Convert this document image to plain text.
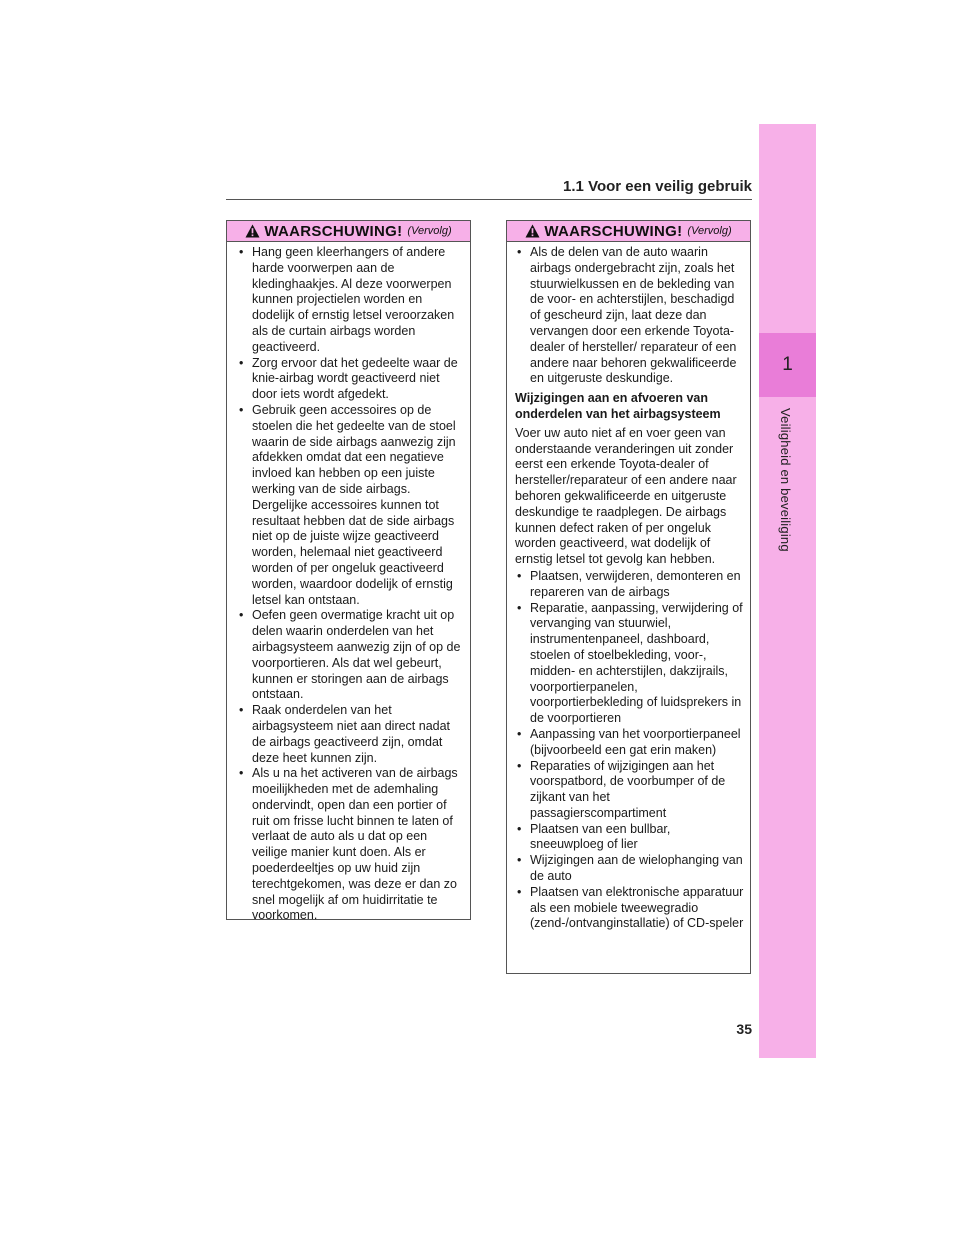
1
Veiligheid en beveiliging
1.1 Voor een veilig gebruik
WAARSCHUWING! (Vervolg)

• Hang geen kleerhangers of andere harde voorwerpen aan de kledinghaakjes. Al deze voorwerpen kunnen projectielen worden en dodelijk of ernstig letsel veroorzaken als de curtain airbags worden geactiveerd.

• Zorg ervoor dat het gedeelte waar de knie-airbag wordt geactiveerd niet door iets wordt afgedekt.

• Gebruik geen accessoires op de stoelen die het gedeelte van de stoel waarin de side airbags aanwezig zijn afdekken omdat dat een negatieve invloed kan hebben op een juiste werking van de side airbags. Dergelijke accessoires kunnen tot resultaat hebben dat de side airbags niet op de juiste wijze geactiveerd worden, helemaal niet geactiveerd worden of per ongeluk geactiveerd worden, waardoor dodelijk of ernstig letsel kan ontstaan.

• Oefen geen overmatige kracht uit op delen waarin onderdelen van het airbagsysteem aanwezig zijn of op de voorportieren. Als dat wel gebeurt, kunnen er storingen aan de airbags ontstaan.

• Raak onderdelen van het airbagsysteem niet aan direct nadat de airbags geactiveerd zijn, omdat deze heet kunnen zijn.

• Als u na het activeren van de airbags moeilijkheden met de ademhaling ondervindt, open dan een portier of ruit om frisse lucht binnen te laten of verlaat de auto als u dat op een veilige manier kunt doen. Als er poederdeeltjes op uw huid zijn terechtgekomen, was deze er dan zo snel mogelijk af om huidirritatie te voorkomen.

WAARSCHUWING! (Vervolg)

• Als de delen van de auto waarin airbags ondergebracht zijn, zoals het stuurwielkussen en de bekleding van de voor- en achterstijlen, beschadigd of gescheurd zijn, laat deze dan vervangen door een erkende Toyota-dealer of hersteller/ reparateur of een andere naar behoren gekwalificeerde en uitgeruste deskundige.

Wijzigingen aan en afvoeren van onderdelen van het airbagsysteem

Voer uw auto niet af en voer geen van onderstaande veranderingen uit zonder eerst een erkende Toyota-dealer of hersteller/reparateur of een andere naar behoren gekwalificeerde en uitgeruste deskundige te raadplegen. De airbags kunnen defect raken of per ongeluk worden geactiveerd, wat dodelijk of ernstig letsel tot gevolg kan hebben.

• Plaatsen, verwijderen, demonteren en repareren van de airbags

• Reparatie, aanpassing, verwijdering of vervanging van stuurwiel, instrumentenpaneel, dashboard, stoelen of stoelbekleding, voor-, midden- en achterstijlen, dakzijrails, voorportierpanelen, voorportierbekleding of luidsprekers in de voorportieren

• Aanpassing van het voorportierpaneel (bijvoorbeeld een gat erin maken)

• Reparaties of wijzigingen aan het voorspatbord, de voorbumper of de zijkant van het passagierscompartiment

• Plaatsen van een bullbar, sneeuwploeg of lier

• Wijzigingen aan de wielophanging van de auto

• Plaatsen van elektronische apparatuur als een mobiele tweewegradio (zend-/ontvanginstallatie) of CD-speler

35
